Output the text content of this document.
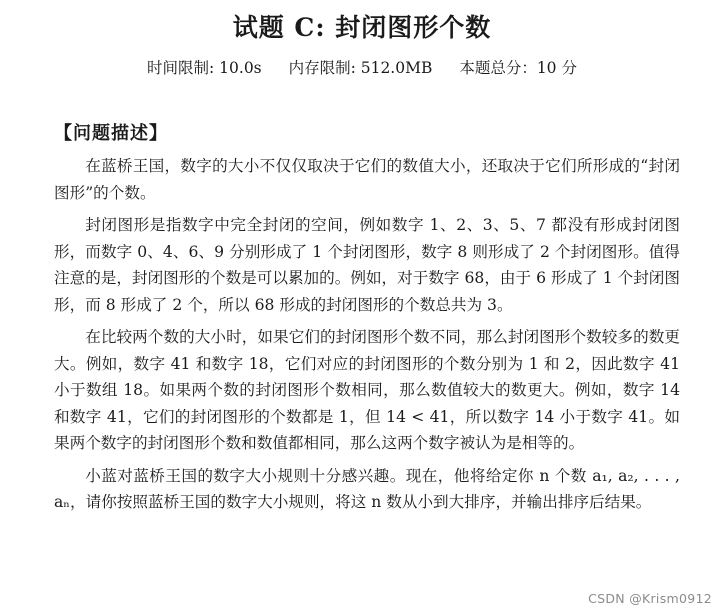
试题 C: 封闭图形个数
时间限制: 10.0s 内存限制: 512.0MB 本题总分：10 分
【问题描述】

在蓝桥王国，数字的大小不仅仅取决于它们的数值大小，还取决于它们所形成的“封闭图形”的个数。

封闭图形是指数字中完全封闭的空间，例如数字 1、2、3、5、7 都没有形成封闭图形，而数字 0、4、6、9 分别形成了 1 个封闭图形，数字 8 则形成了 2 个封闭图形。值得注意的是，封闭图形的个数是可以累加的。例如，对于数字 68，由于 6 形成了 1 个封闭图形，而 8 形成了 2 个，所以 68 形成的封闭图形的个数总共为 3。

在比较两个数的大小时，如果它们的封闭图形个数不同，那么封闭图形个数较多的数更大。例如，数字 41 和数字 18，它们对应的封闭图形的个数分别为 1 和 2，因此数字 41 小于数组 18。如果两个数的封闭图形个数相同，那么数值较大的数更大。例如，数字 14 和数字 41，它们的封闭图形的个数都是 1，但 14 < 41，所以数字 14 小于数字 41。如果两个数字的封闭图形个数和数值都相同，那么这两个数字被认为是相等的。

小蓝对蓝桥王国的数字大小规则十分感兴趣。现在，他将给定你 n 个数 a₁, a₂, . . . , aₙ，请你按照蓝桥王国的数字大小规则，将这 n 数从小到大排序，并输出排序后结果。

CSDN @Krism0912
